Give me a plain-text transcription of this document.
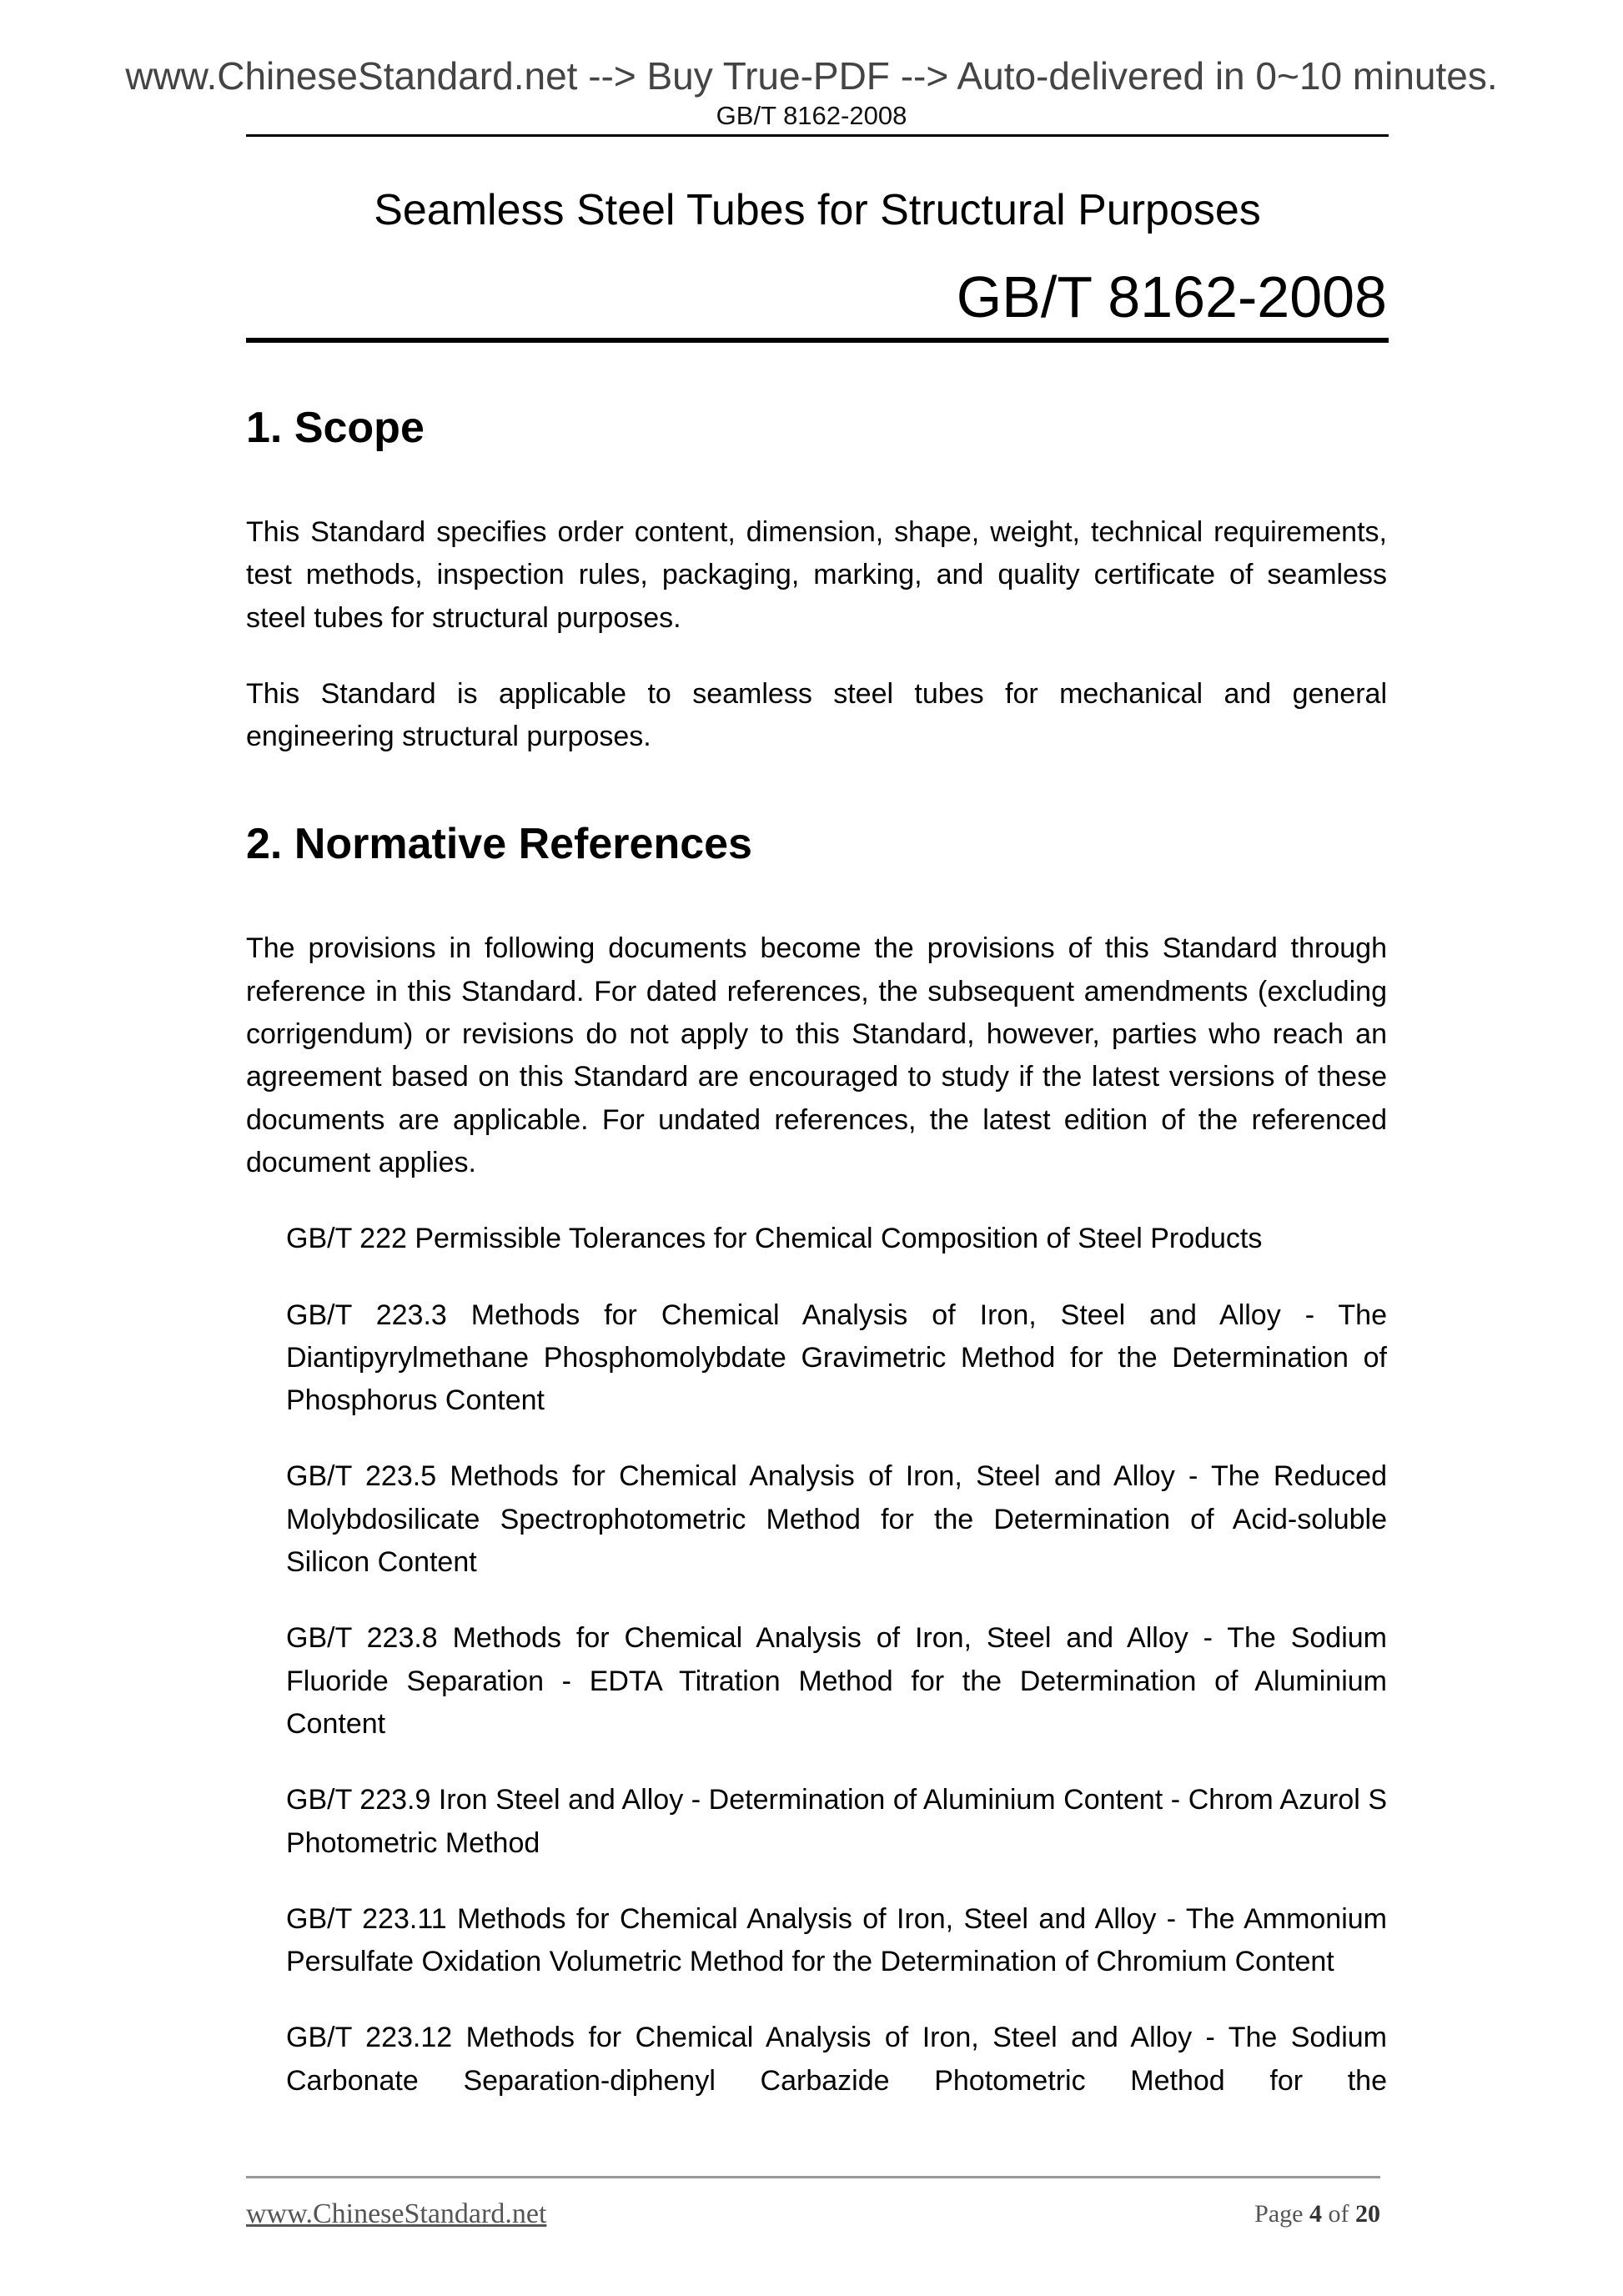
www.ChineseStandard.net --> Buy True-PDF --> Auto-delivered in 0~10 minutes.
GB/T 8162-2008
Seamless Steel Tubes for Structural Purposes
GB/T 8162-2008
1. Scope

This Standard specifies order content, dimension, shape, weight, technical requirements, test methods, inspection rules, packaging, marking, and quality certificate of seamless steel tubes for structural purposes.

This Standard is applicable to seamless steel tubes for mechanical and general engineering structural purposes.

2. Normative References

The provisions in following documents become the provisions of this Standard through reference in this Standard. For dated references, the subsequent amendments (excluding corrigendum) or revisions do not apply to this Standard, however, parties who reach an agreement based on this Standard are encouraged to study if the latest versions of these documents are applicable. For undated references, the latest edition of the referenced document applies.

GB/T 222 Permissible Tolerances for Chemical Composition of Steel Products

GB/T 223.3 Methods for Chemical Analysis of Iron, Steel and Alloy - The Diantipyrylmethane Phosphomolybdate Gravimetric Method for the Determination of Phosphorus Content

GB/T 223.5 Methods for Chemical Analysis of Iron, Steel and Alloy - The Reduced Molybdosilicate Spectrophotometric Method for the Determination of Acid-soluble Silicon Content

GB/T 223.8 Methods for Chemical Analysis of Iron, Steel and Alloy - The Sodium Fluoride Separation - EDTA Titration Method for the Determination of Aluminium Content

GB/T 223.9 Iron Steel and Alloy - Determination of Aluminium Content - Chrom Azurol S Photometric Method

GB/T 223.11 Methods for Chemical Analysis of Iron, Steel and Alloy - The Ammonium Persulfate Oxidation Volumetric Method for the Determination of Chromium Content

GB/T 223.12 Methods for Chemical Analysis of Iron, Steel and Alloy - The Sodium Carbonate Separation-diphenyl Carbazide Photometric Method for the

www.ChineseStandard.net	Page 4 of 20
